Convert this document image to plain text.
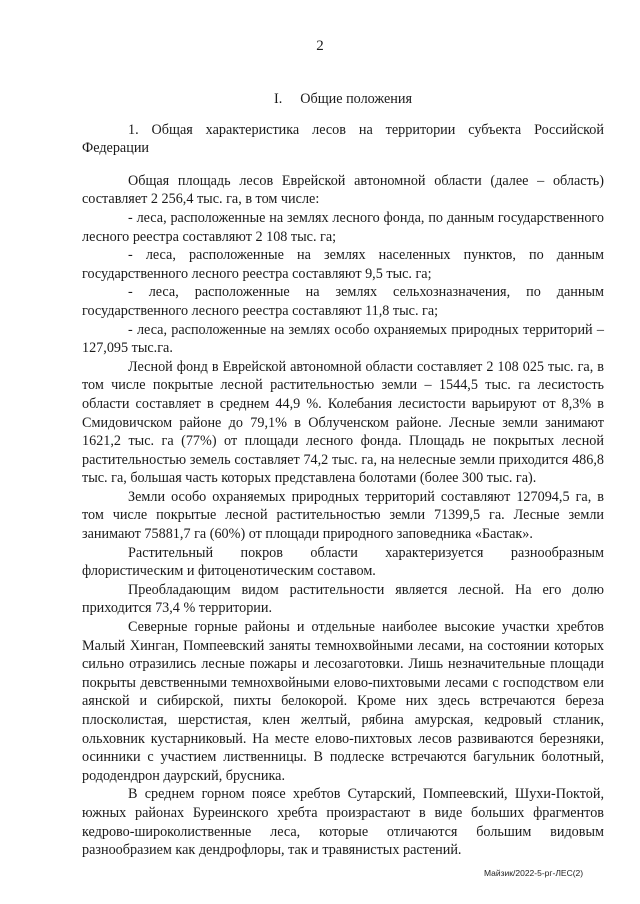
2
I. Общие положения
1. Общая характеристика лесов на территории субъекта Российской Федерации

Общая площадь лесов Еврейской автономной области (далее – область) составляет 2 256,4 тыс. га, в том числе:

- леса, расположенные на землях лесного фонда, по данным государственного лесного реестра составляют 2 108 тыс. га;

- леса, расположенные на землях населенных пунктов, по данным государственного лесного реестра составляют 9,5 тыс. га;

- леса, расположенные на землях сельхозназначения, по данным государственного лесного реестра составляют 11,8 тыс. га;

- леса, расположенные на землях особо охраняемых природных территорий – 127,095 тыс.га.

Лесной фонд в Еврейской автономной области составляет 2 108 025 тыс. га, в том числе покрытые лесной растительностью земли – 1544,5 тыс. га лесистость области составляет в среднем 44,9 %. Колебания лесистости варьируют от 8,3% в Смидовичском районе до 79,1% в Облученском районе. Лесные земли занимают 1621,2 тыс. га (77%) от площади лесного фонда. Площадь не покрытых лесной растительностью земель составляет 74,2 тыс. га, на нелесные земли приходится 486,8 тыс. га, большая часть которых представлена болотами (более 300 тыс. га).

Земли особо охраняемых природных территорий составляют 127094,5 га, в том числе покрытые лесной растительностью земли 71399,5 га. Лесные земли занимают 75881,7 га (60%) от площади природного заповедника «Бастак».

Растительный покров области характеризуется разнообразным флористическим и фитоценотическим составом.

Преобладающим видом растительности является лесной. На его долю приходится 73,4 % территории.

Северные горные районы и отдельные наиболее высокие участки хребтов Малый Хинган, Помпеевский заняты темнохвойными лесами, на состоянии которых сильно отразились лесные пожары и лесозаготовки. Лишь незначительные площади покрыты девственными темнохвойными елово-пихтовыми лесами с господством ели аянской и сибирской, пихты белокорой. Кроме них здесь встречаются береза плосколистая, шерстистая, клен желтый, рябина амурская, кедровый стланик, ольховник кустарниковый. На месте елово-пихтовых лесов развиваются березняки, осинники с участием лиственницы. В подлеске встречаются багульник болотный, рододендрон даурский, брусника.

В среднем горном поясе хребтов Сутарский, Помпеевский, Шухи-Поктой, южных районах Буреинского хребта произрастают в виде больших фрагментов кедрово-широколиственные леса, которые отличаются большим видовым разнообразием как дендрофлоры, так и травянистых растений.

Майзик/2022-5-рг-ЛЕС(2)
